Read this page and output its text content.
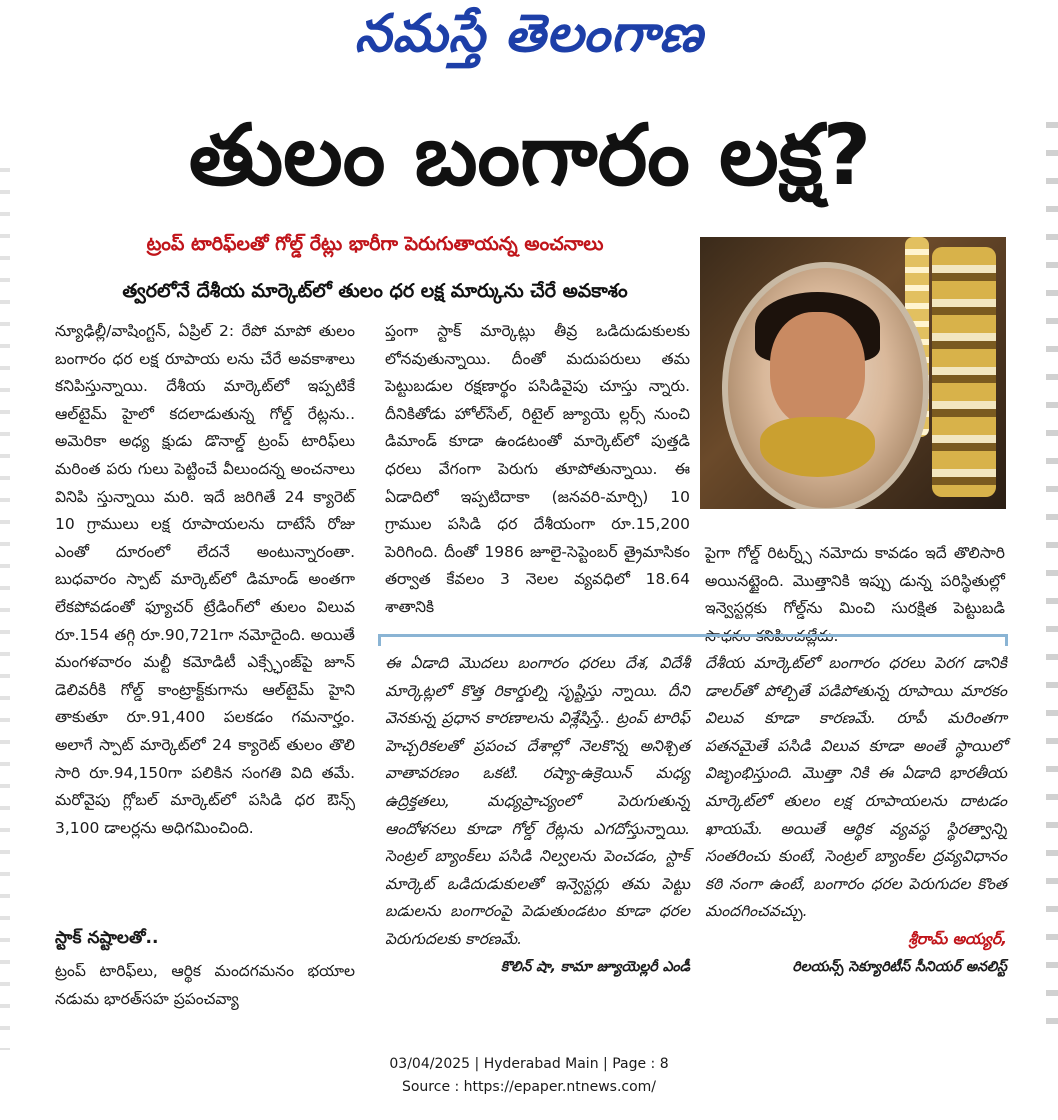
నమస్తే తెలంగాణ
తులం బంగారం లక్ష?
ట్రంప్ టారిఫ్‌లతో గోల్డ్ రేట్లు భారీగా పెరుగుతాయన్న అంచనాలు
త్వరలోనే దేశీయ మార్కెట్‌లో తులం ధర లక్ష మార్కును చేరే అవకాశం

న్యూఢిల్లీ/వాషింగ్టన్, ఏప్రిల్ 2: రేపో మాపో తులం బంగారం ధర లక్ష రూపాయ లను చేరే అవకాశాలు కనిపిస్తున్నాయి. దేశీయ మార్కెట్‌లో ఇప్పటికే ఆల్‌టైమ్ హైలో కదలాడుతున్న గోల్డ్ రేట్లను.. అమెరికా అధ్య క్షుడు డొనాల్డ్ ట్రంప్ టారిఫ్‌లు మరింత పరు గులు పెట్టించే వీలుందన్న అంచనాలు వినిపి స్తున్నాయి మరి. ఇదే జరిగితే 24 క్యారెట్ 10 గ్రాములు లక్ష రూపాయలను దాటేసే రోజు ఎంతో దూరంలో లేదనే అంటున్నారంతా. బుధవారం స్పాట్ మార్కెట్‌లో డిమాండ్ అంతగా లేకపోవడంతో ఫ్యూచర్ ట్రేడింగ్‌లో తులం విలువ రూ.154 తగ్గి రూ.90,721గా నమోదైంది. అయితే మంగళవారం మల్టీ కమోడిటీ ఎక్స్ఛేంజ్‌పై జూన్ డెలివరీకి గోల్డ్ కాంట్రాక్ట్‌కుగాను ఆల్‌టైమ్ హైని తాకుతూ రూ.91,400 పలకడం గమనార్హం. అలాగే స్పాట్ మార్కెట్‌లో 24 క్యారెట్ తులం తొలి సారి రూ.94,150గా పలికిన సంగతి విది తమే. మరోవైపు గ్లోబల్ మార్కెట్‌లో పసిడి ధర ఔన్స్ 3,100 డాలర్లను అధిగమించింది.

ప్తంగా స్టాక్ మార్కెట్లు తీవ్ర ఒడిదుడుకులకు లోనవుతున్నాయి. దీంతో మదుపరులు తమ పెట్టుబడుల రక్షణార్థం పసిడివైపు చూస్తు న్నారు. దీనికితోడు హోల్‌సేల్, రిటైల్ జ్యూయె ల్లర్స్ నుంచి డిమాండ్ కూడా ఉండటంతో మార్కెట్‌లో పుత్తడి ధరలు వేగంగా పెరుగు తూపోతున్నాయి. ఈ ఏడాదిలో ఇప్పటిదాకా (జనవరి-మార్చి) 10 గ్రాముల పసిడి ధర దేశీయంగా రూ.15,200 పెరిగింది. దీంతో 1986 జూలై-సెప్టెంబర్ త్రైమాసికం తర్వాత కేవలం 3 నెలల వ్యవధిలో 18.64 శాతానికి

పైగా గోల్డ్ రిటర్న్స్ నమోదు కావడం ఇదే తొలిసారి అయినట్టైంది. మొత్తానికి ఇప్పు డున్న పరిస్థితుల్లో ఇన్వెస్టర్లకు గోల్డ్‌ను మించి సురక్షిత పెట్టుబడి

ఈ ఏడాది మొదలు బంగారం ధరలు దేశ, విదేశీ మార్కెట్లలో కొత్త రికార్డుల్ని సృష్టిస్తు న్నాయి. దీని వెనకున్న ప్రధాన కారణాలను విశ్లేషిస్తే.. ట్రంప్ టారిఫ్ హెచ్చరికలతో ప్రపంచ దేశాల్లో నెలకొన్న అనిశ్చిత వాతావరణం ఒకటి. రష్యా-ఉక్రెయిన్ మధ్య ఉద్రిక్తతలు, మధ్యప్రాచ్యంలో పెరుగుతున్న ఆందోళనలు కూడా గోల్డ్ రేట్లను ఎగదోస్తున్నాయి. సెంట్రల్ బ్యాంక్‌లు పసిడి నిల్వలను పెంచడం, స్టాక్ మార్కెట్ ఒడిదుడుకులతో ఇన్వెస్టర్లు తమ పెట్టు బడులను బంగారంపై పెడుతుండటం కూడా ధరల పెరుగుదలకు కారణమే.

కొలిన్ షా, కామా జ్యూయెల్లరీ ఎండీ

దేశీయ మార్కెట్‌లో బంగారం ధరలు పెరగ డానికి డాలర్‌తో పోల్చితే పడిపోతున్న రూపాయి మారకం విలువ కూడా కారణమే. రూపీ మరింతగా పతనమైతే పసిడి విలువ కూడా అంతే స్థాయిలో విజృంభిస్తుంది. మొత్తా నికి ఈ ఏడాది భారతీయ మార్కెట్‌లో తులం లక్ష రూపాయలను దాటడం ఖాయమే. అయితే ఆర్థిక వ్యవస్థ స్థిరత్వాన్ని సంతరించు కుంటే, సెంట్రల్ బ్యాంక్‌ల ద్రవ్యవిధానం కఠి నంగా ఉంటే, బంగారం ధరల పెరుగుదల కొంత మందగించవచ్చు.

శ్రీరామ్ అయ్యర్,

రిలయన్స్ సెక్యూరిటీస్ సీనియర్ అనలిస్ట్

స్టాక్ నష్టాలతో..

ట్రంప్ టారిఫ్‌లు, ఆర్థిక మందగమనం భయాల నడుమ భారత్‌సహ ప్రపంచవ్యా

03/04/2025 | Hyderabad Main | Page : 8
Source : https://epaper.ntnews.com/
